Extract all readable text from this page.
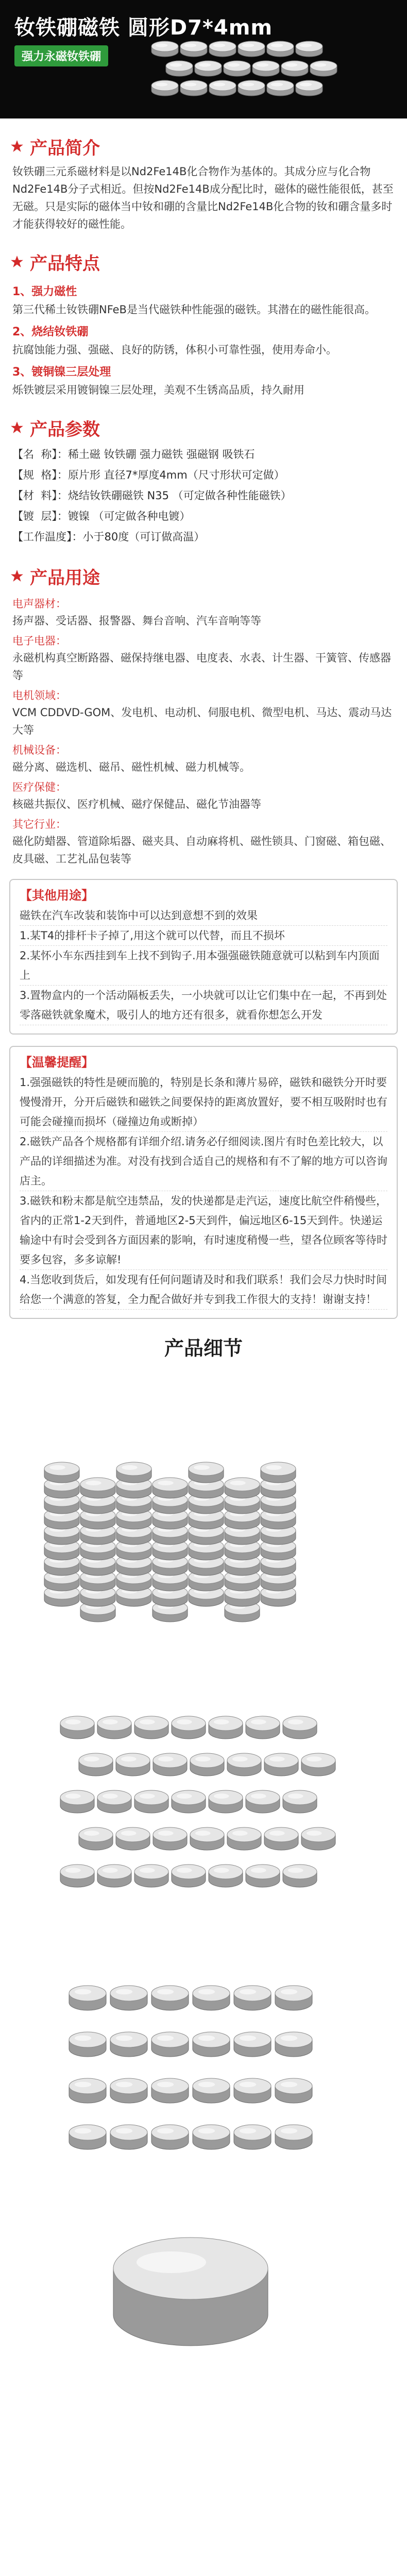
钕铁硼磁铁 圆形D7*4mm
强力永磁钕铁硼
产品简介
钕铁硼三元系磁材料是以Nd2Fe14B化合物作为基体的。其成分应与化合物Nd2Fe14B分子式相近。但按Nd2Fe14B成分配比时，磁体的磁性能很低，甚至无磁。只是实际的磁体当中钕和硼的含量比Nd2Fe14B化合物的钕和硼含量多时才能获得较好的磁性能。
产品特点
1、强力磁性
第三代稀土钕铁硼NFeB是当代磁铁种性能强的磁铁。其潜在的磁性能很高。
2、烧结钕铁硼
抗腐蚀能力强、强磁、良好的防锈，体积小可靠性强，使用寿命小。
3、镀铜镍三层处理
烁铁镀层采用镀铜镍三层处理，美观不生锈高品质，持久耐用
产品参数
【名  称】： 稀土磁 钕铁硼 强力磁铁 强磁钢 吸铁石
【规  格】： 原片形 直径7*厚度4mm（尺寸形状可定做）
【材  料】： 烧结钕铁硼磁铁 N35 （可定做各种性能磁铁）
【镀  层】： 镀镍 （可定做各种电镀）
【工作温度】： 小于80度（可订做高温）
产品用途
电声器材：
扬声器、受话器、报警器、舞台音响、汽车音响等等
电子电器：
永磁机构真空断路器、磁保持继电器、电度表、水表、计生器、干簧管、传感器等
电机领域：
VCM CDDVD-GOM、发电机、电动机、伺服电机、微型电机、马达、震动马达大等
机械设备：
磁分离、磁选机、磁吊、磁性机械、磁力机械等。
医疗保健：
核磁共振仪、医疗机械、磁疗保健品、磁化节油器等
其它行业：
磁化防蜡器、管道除垢器、磁夹具、自动麻将机、磁性锁具、门窗磁、箱包磁、皮具磁、工艺礼品包装等
【其他用途】
磁铁在汽车改装和装饰中可以达到意想不到的效果
1.某T4的排杆卡子掉了,用这个就可以代替，而且不损坏
2.某怀小车东西挂到车上找不到钩子.用本强强磁铁随意就可以粘到车内顶面上
3.置物盒内的一个活动隔板丢失，一小块就可以让它们集中在一起，不再到处零落磁铁就象魔术，吸引人的地方还有很多，就看你想怎么开发
【温馨提醒】
1.强强磁铁的特性是硬而脆的，特别是长条和薄片易碎，磁铁和磁铁分开时要慢慢滑开，分开后磁铁和磁铁之间要保持的距离放置好，要不相互吸附时也有可能会碰撞而损坏（碰撞边角或断掉）
2.磁铁产品各个规格都有详细介绍.请务必仔细阅读.图片有时色差比较大，以产品的详细描述为准。对没有找到合适自己的规格和有不了解的地方可以咨询店主。
3.磁铁和粉末都是航空违禁品，发的快递都是走汽运，速度比航空件稍慢些，省内的正常1-2天到件，普通地区2-5天到件，偏远地区6-15天到件。快递运输途中有时会受到各方面因素的影响，有时速度稍慢一些，望各位顾客等待时要多包容，多多谅解!
4.当您收到货后，如发现有任何问题请及时和我们联系！我们会尽力快时时间给您一个满意的答复，全力配合做好并专到我工作很大的支持！谢谢支持！
产品细节
